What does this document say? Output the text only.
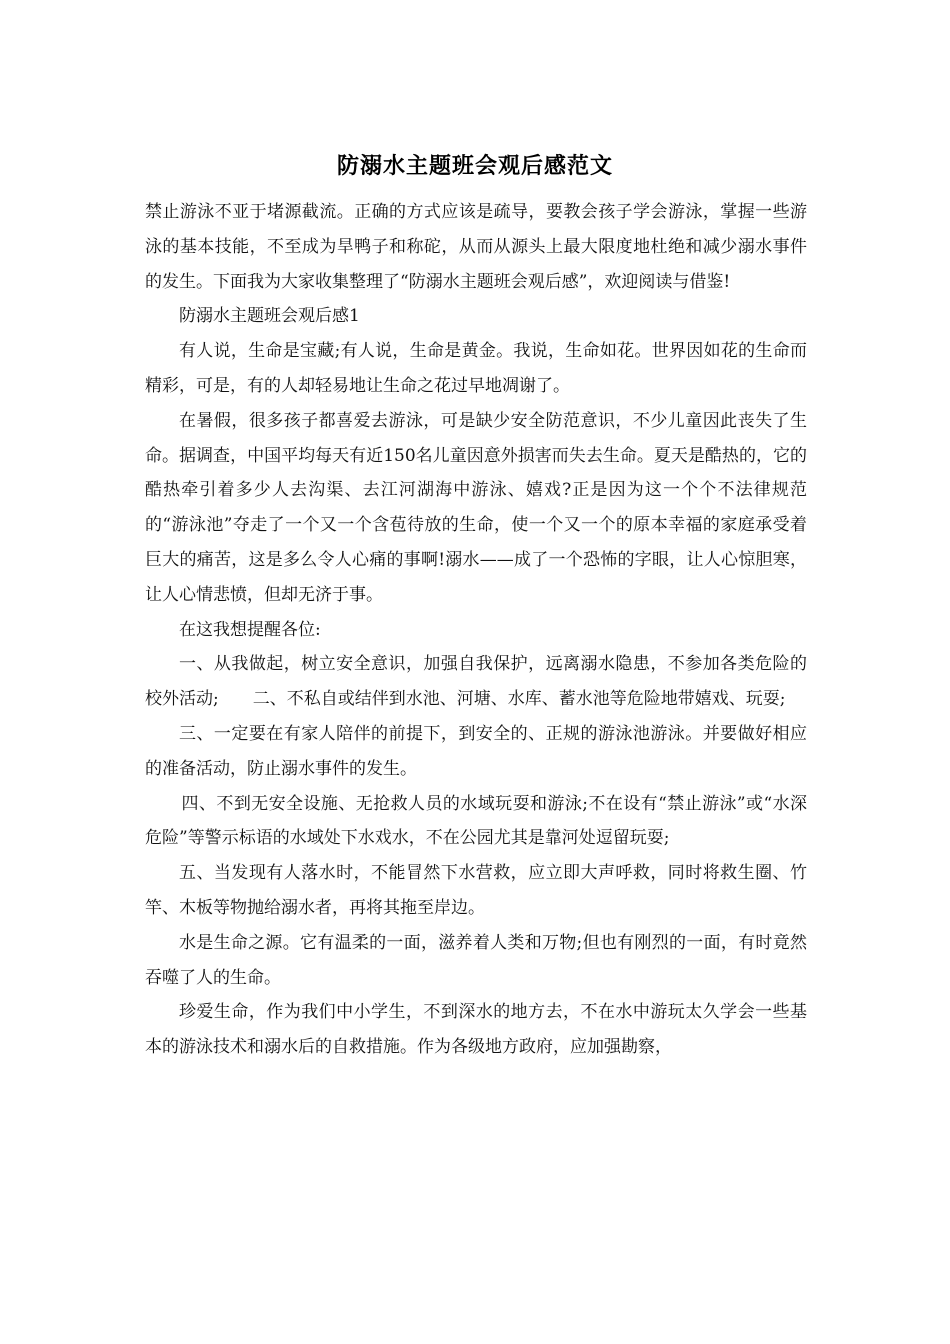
防溺水主题班会观后感范文

禁止游泳不亚于堵源截流。正确的方式应该是疏导，要教会孩子学会游泳，掌握一些游泳的基本技能，不至成为旱鸭子和称砣，从而从源头上最大限度地杜绝和减少溺水事件的发生。下面我为大家收集整理了“防溺水主题班会观后感”，欢迎阅读与借鉴!

防溺水主题班会观后感1

有人说，生命是宝藏;有人说，生命是黄金。我说，生命如花。世界因如花的生命而精彩，可是，有的人却轻易地让生命之花过早地凋谢了。

在暑假，很多孩子都喜爱去游泳，可是缺少安全防范意识，不少儿童因此丧失了生命。据调查，中国平均每天有近150名儿童因意外损害而失去生命。夏天是酷热的，它的酷热牵引着多少人去沟渠、去江河湖海中游泳、嬉戏?正是因为这一个个不法律规范的“游泳池”夺走了一个又一个含苞待放的生命，使一个又一个的原本幸福的家庭承受着巨大的痛苦，这是多么令人心痛的事啊!溺水——成了一个恐怖的字眼，让人心惊胆寒，让人心情悲愤，但却无济于事。

在这我想提醒各位:

一、从我做起，树立安全意识，加强自我保护，远离溺水隐患，不参加各类危险的校外活动;　　二、不私自或结伴到水池、河塘、水库、蓄水池等危险地带嬉戏、玩耍;

三、一定要在有家人陪伴的前提下，到安全的、正规的游泳池游泳。并要做好相应的准备活动，防止溺水事件的发生。

四、不到无安全设施、无抢救人员的水域玩耍和游泳;不在设有“禁止游泳”或“水深危险”等警示标语的水域处下水戏水，不在公园尤其是靠河处逗留玩耍;

五、当发现有人落水时，不能冒然下水营救，应立即大声呼救，同时将救生圈、竹竿、木板等物抛给溺水者，再将其拖至岸边。

水是生命之源。它有温柔的一面，滋养着人类和万物;但也有刚烈的一面，有时竟然吞噬了人的生命。

珍爱生命，作为我们中小学生，不到深水的地方去，不在水中游玩太久学会一些基本的游泳技术和溺水后的自救措施。作为各级地方政府，应加强勘察，
